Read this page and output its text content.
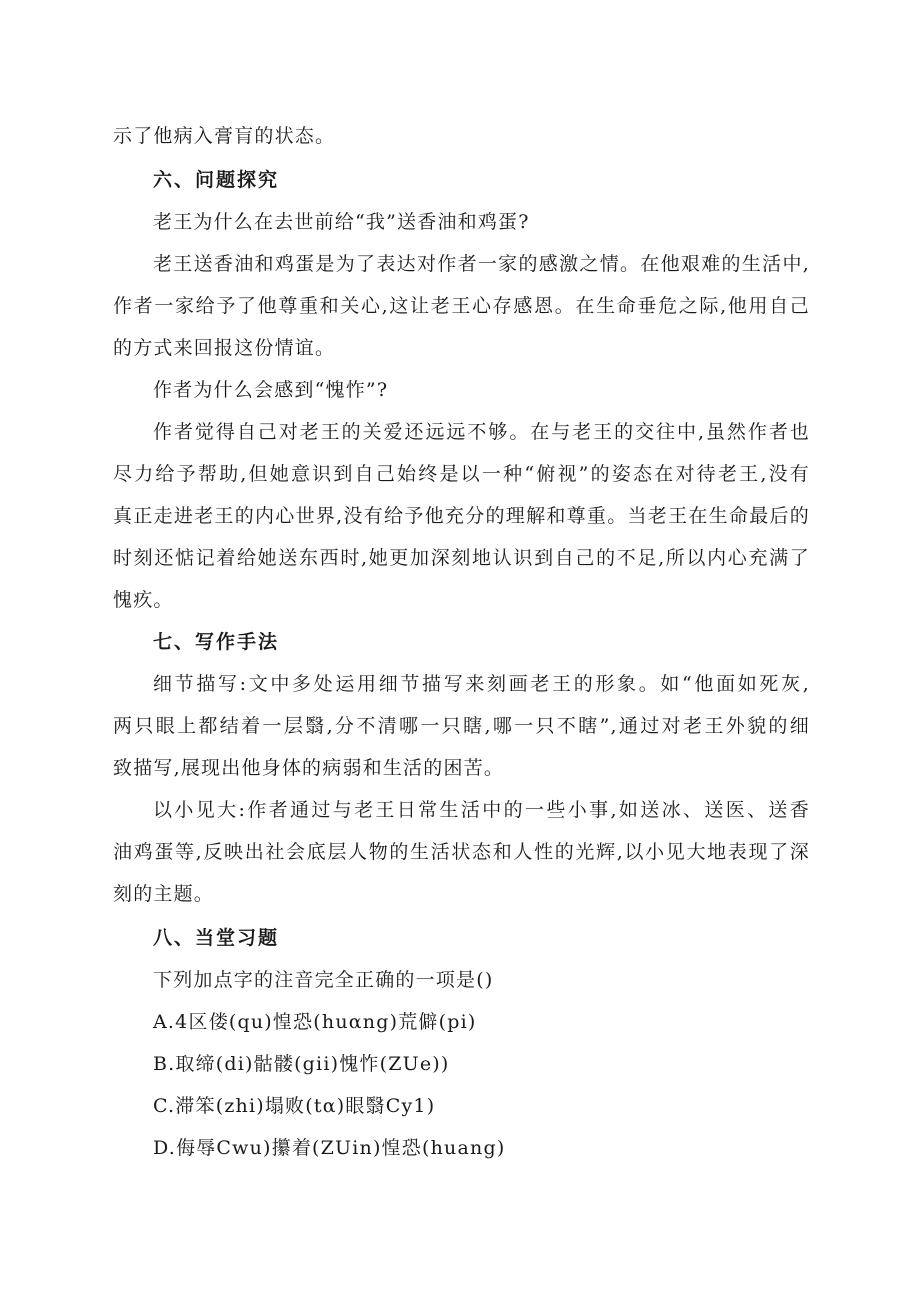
示了他病入膏肓的状态。
六、问题探究
老王为什么在去世前给“我”送香油和鸡蛋?
老王送香油和鸡蛋是为了表达对作者一家的感激之情。在他艰难的生活中,
作者一家给予了他尊重和关心,这让老王心存感恩。在生命垂危之际,他用自己
的方式来回报这份情谊。
作者为什么会感到“愧怍”?
作者觉得自己对老王的关爱还远远不够。在与老王的交往中,虽然作者也
尽力给予帮助,但她意识到自己始终是以一种“俯视”的姿态在对待老王,没有
真正走进老王的内心世界,没有给予他充分的理解和尊重。当老王在生命最后的
时刻还惦记着给她送东西时,她更加深刻地认识到自己的不足,所以内心充满了
愧疚。
七、写作手法
细节描写:文中多处运用细节描写来刻画老王的形象。如“他面如死灰,
两只眼上都结着一层翳,分不清哪一只瞎,哪一只不瞎”,通过对老王外貌的细
致描写,展现出他身体的病弱和生活的困苦。
以小见大:作者通过与老王日常生活中的一些小事,如送冰、送医、送香
油鸡蛋等,反映出社会底层人物的生活状态和人性的光辉,以小见大地表现了深
刻的主题。
八、当堂习题
下列加点字的注音完全正确的一项是()
A.4区偻(qu)惶恐(huαng)荒僻(pi)
B.取缔(di)骷髅(gii)愧怍(ZUe))
C.滞笨(zhi)塌败(tα)眼翳Cy1)
D.侮辱Cwu)攥着(ZUin)惶恐(huang)
